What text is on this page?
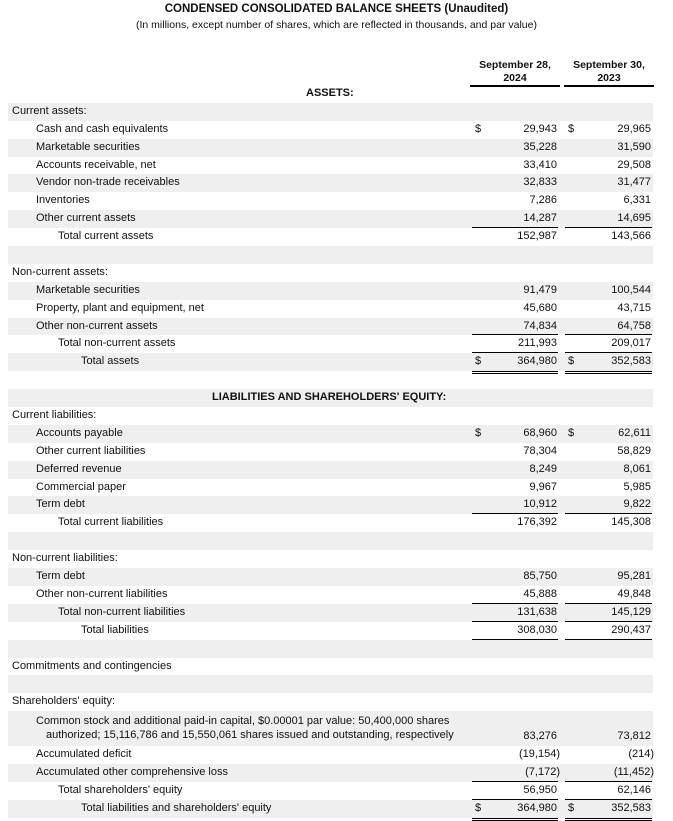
CONDENSED CONSOLIDATED BALANCE SHEETS (Unaudited)
(In millions, except number of shares, which are reflected in thousands, and par value)
September 28,
2024
September 30,
2023
ASSETS:
Current assets:
Cash and cash equivalents	$	29,943 $	29,965
Marketable securities	35,228	31,590
Accounts receivable, net	33,410	29,508
Vendor non-trade receivables	32,833	31,477
Inventories	7,286	6,331
Other current assets	14,287	14,695
Total current assets	152,987	143,566
Non-current assets:
Marketable securities	91,479	100,544
Property, plant and equipment, net	45,680	43,715
Other non-current assets	74,834	64,758
Total non-current assets	211,993	209,017
Total assets	$	364,980 $	352,583
LIABILITIES AND SHAREHOLDERS' EQUITY:
Current liabilities:
Accounts payable	$	68,960 $	62,611
Other current liabilities	78,304	58,829
Deferred revenue	8,249	8,061
Commercial paper	9,967	5,985
Term debt	10,912	9,822
Total current liabilities	176,392	145,308
Non-current liabilities:
Term debt	85,750	95,281
Other non-current liabilities	45,888	49,848
Total non-current liabilities	131,638	145,129
Total liabilities	308,030	290,437
Commitments and contingencies
Shareholders' equity:
Common stock and additional paid-in capital, $0.00001 par value: 50,400,000 shares
authorized; 15,116,786 and 15,550,061 shares issued and outstanding, respectively	83,276	73,812
Accumulated deficit	(19,154)	(214)
Accumulated other comprehensive loss	(7,172)	(11,452)
Total shareholders' equity	56,950	62,146
Total liabilities and shareholders' equity	$	364,980 $	352,583
